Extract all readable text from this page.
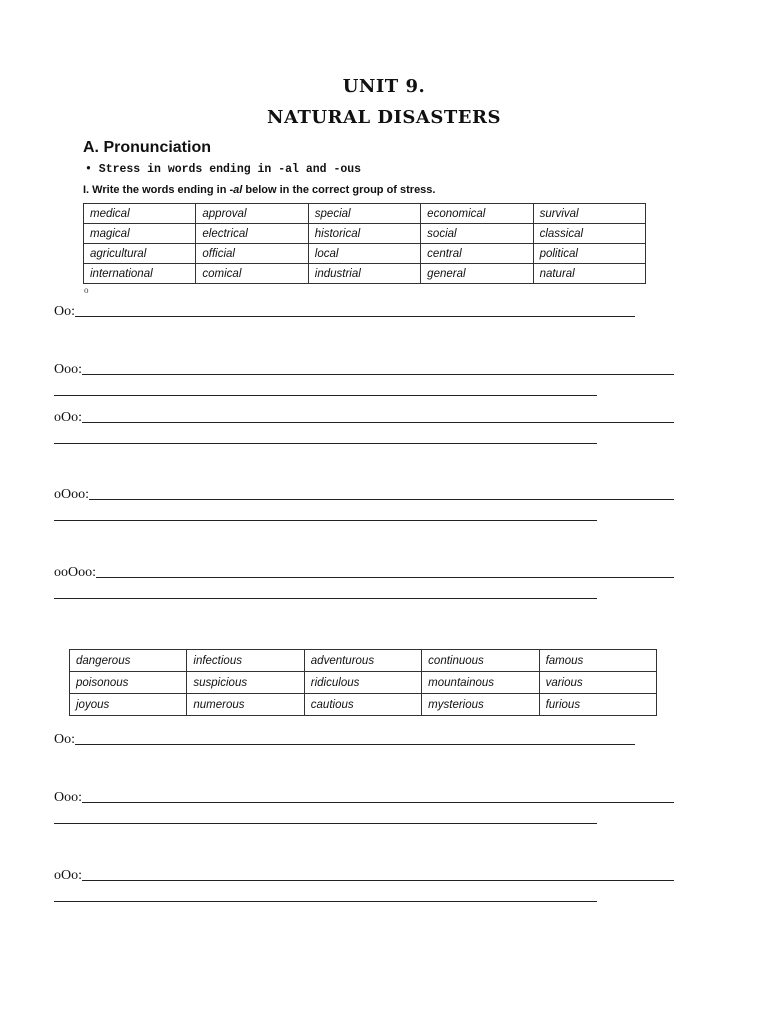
UNIT 9.
NATURAL DISASTERS
A. Pronunciation
• Stress in words ending in -al and -ous
I. Write the words ending in -al below in the correct group of stress.
medical	approval	special	economical	survival
magical	electrical	historical	social	classical
agricultural	official	local	central	political
international	comical	industrial	general	natural
o
Oo:
Ooo:
oOo:
oOoo:
ooOoo:
dangerous	infectious	adventurous	continuous	famous
poisonous	suspicious	ridiculous	mountainous	various
joyous	numerous	cautious	mysterious	furious
Oo:
Ooo:
oOo:
